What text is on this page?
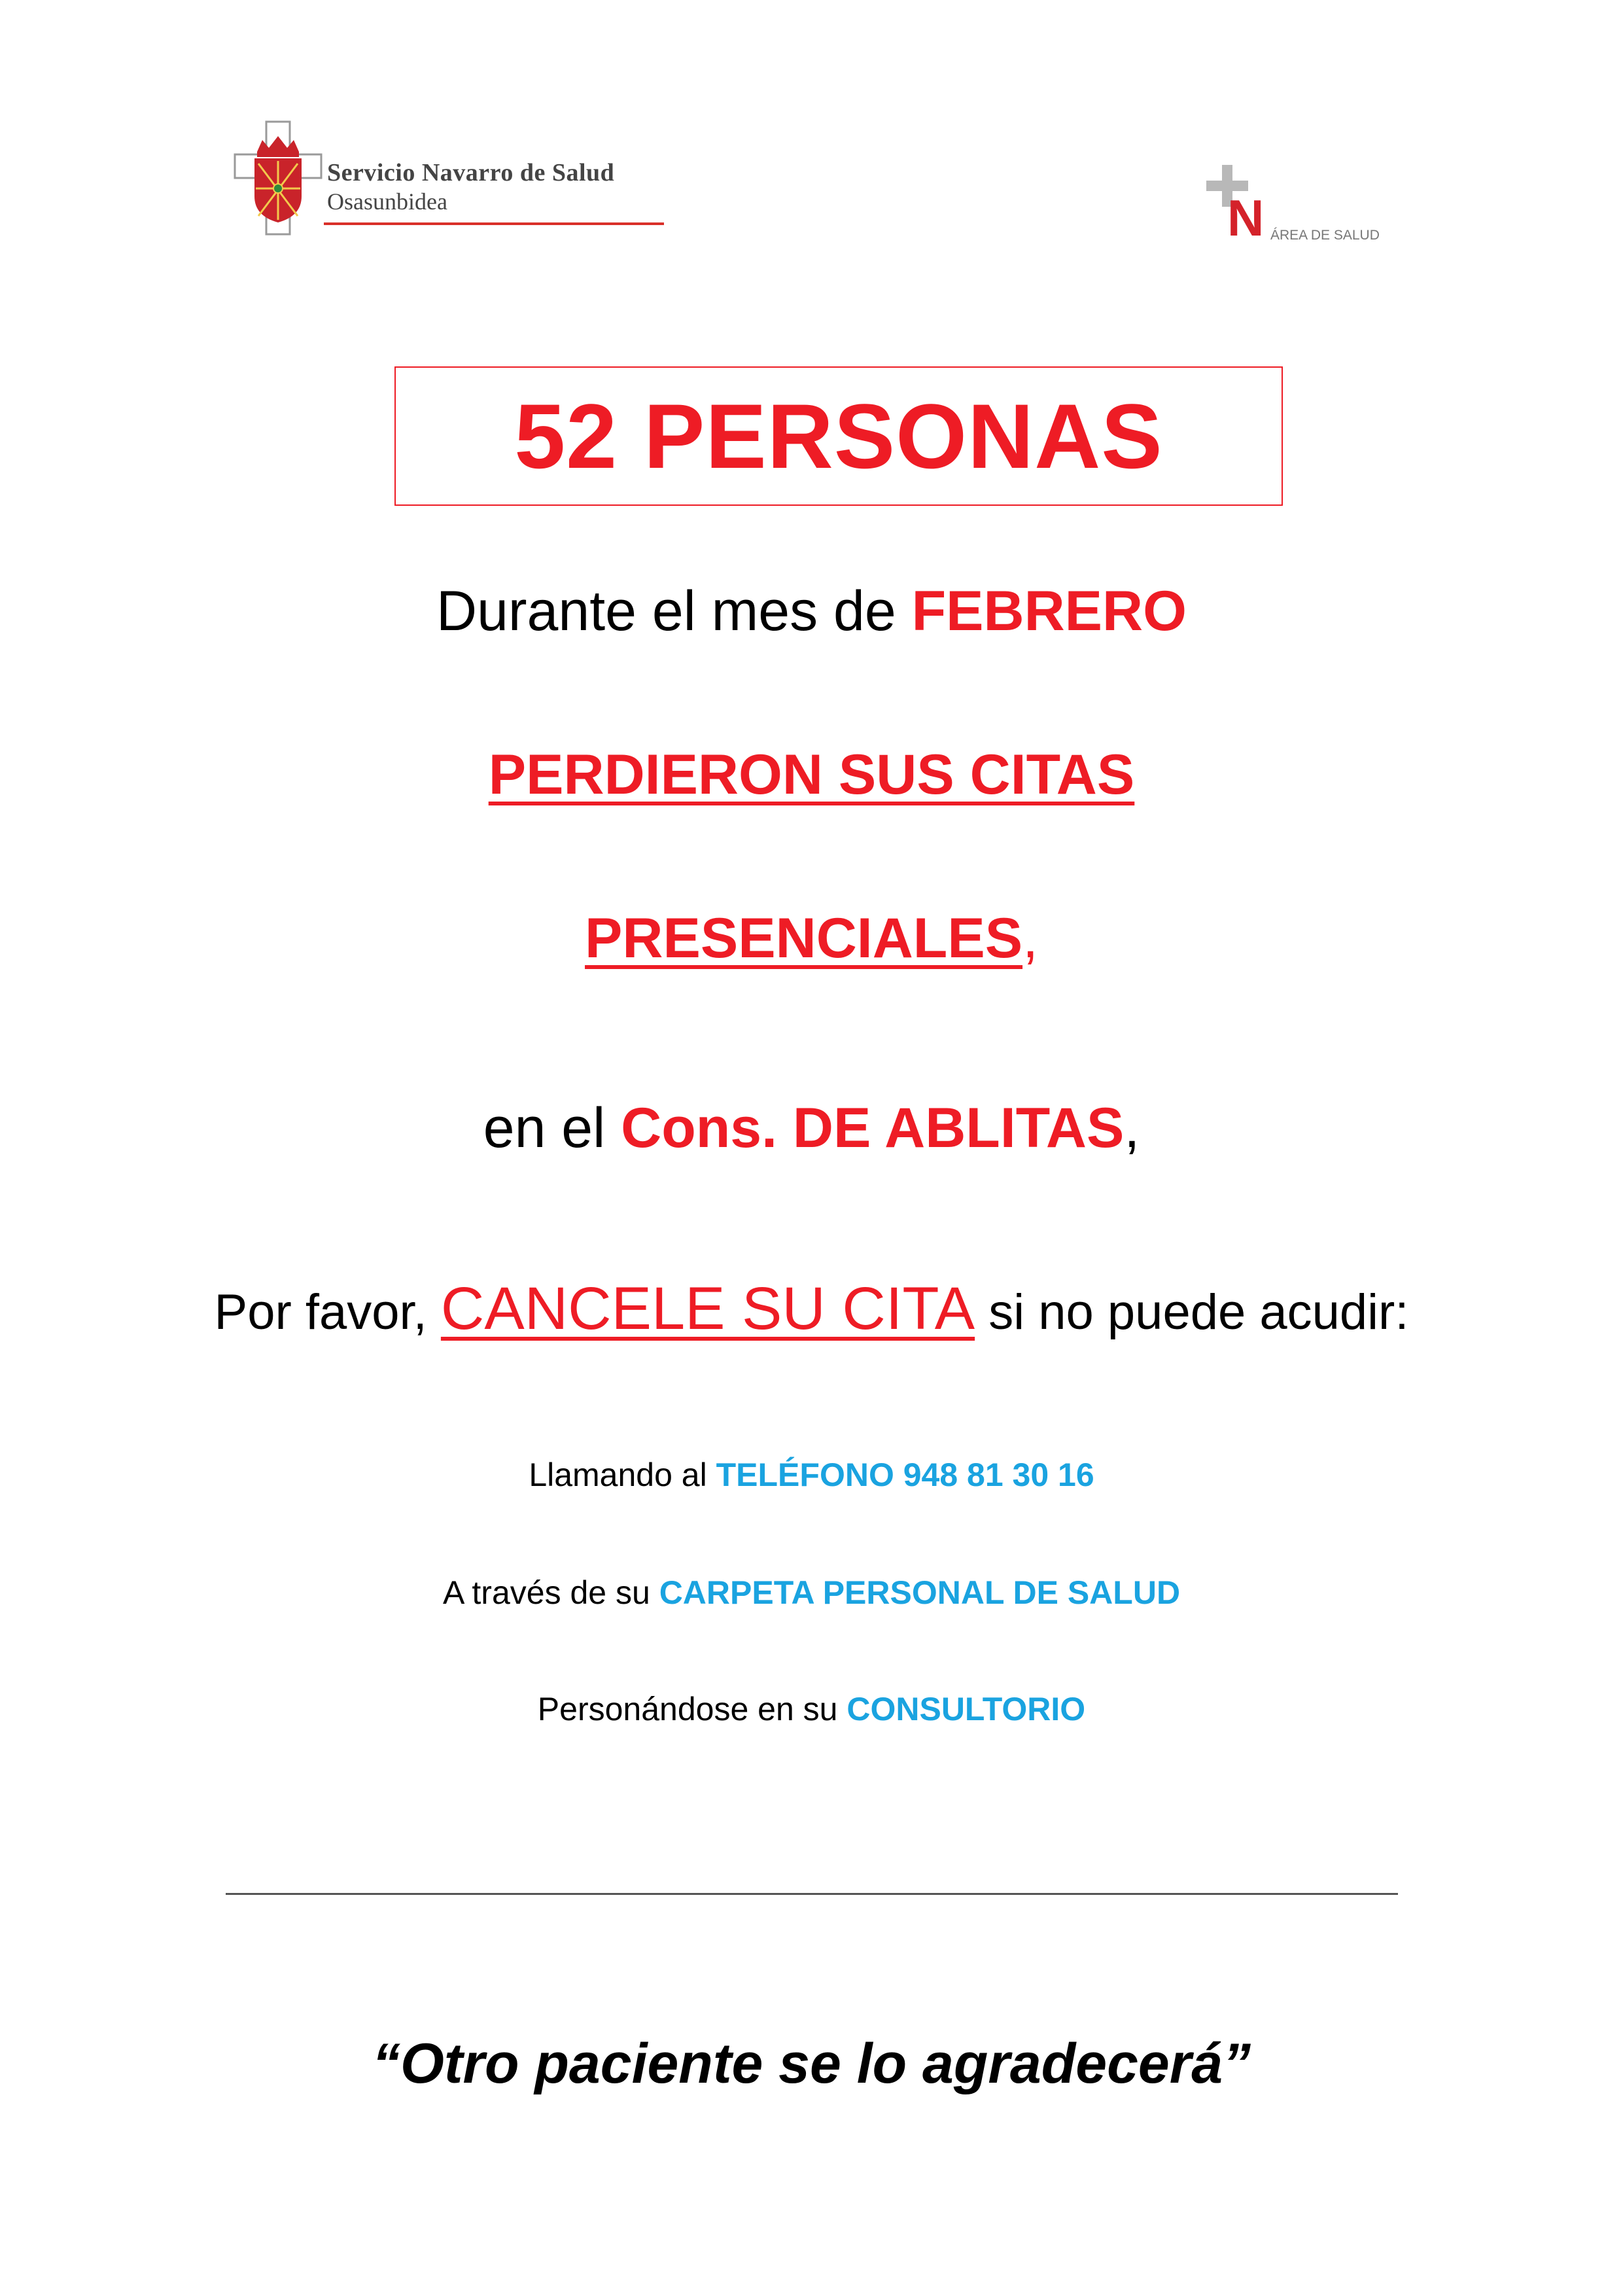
Servicio Navarro de Salud
Osasunbidea	N ÁREA DE SALUD
52 PERSONAS
Durante el mes de FEBRERO
PERDIERON SUS CITAS
PRESENCIALES,
en el Cons. DE ABLITAS,
Por favor, CANCELE SU CITA si no puede acudir:
Llamando al TELÉFONO 948 81 30 16
A través de su CARPETA PERSONAL DE SALUD
Personándose en su CONSULTORIO
“Otro paciente se lo agradecerá”
